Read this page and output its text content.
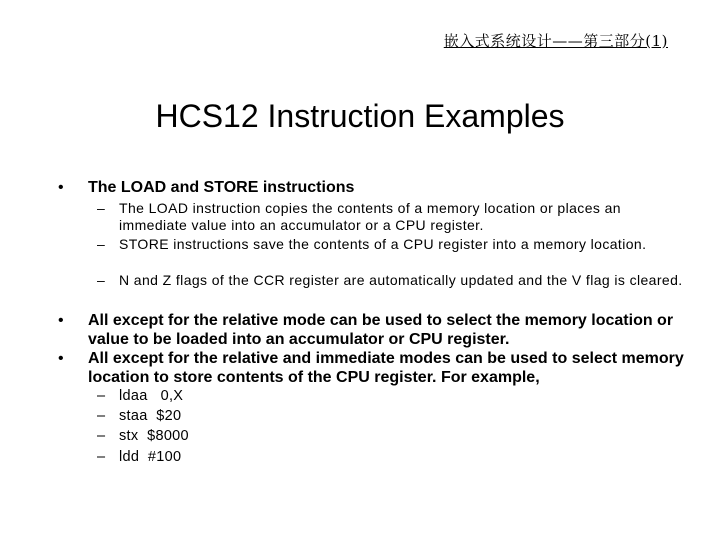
嵌入式系统设计——第三部分(1)
HCS12 Instruction Examples
• The LOAD and STORE instructions
– The LOAD instruction copies the contents of a memory location or places an immediate value into an accumulator or a CPU register.
– STORE instructions save the contents of a CPU register into a memory location.
– N and Z flags of the CCR register are automatically updated and the V flag is cleared.
• All except for the relative mode can be used to select the memory location or value to be loaded into an accumulator or CPU register.
• All except for the relative and immediate modes can be used to select memory location to store contents of the CPU register. For example,
– ldaa   0,X
– staa  $20
– stx  $8000
– ldd  #100
